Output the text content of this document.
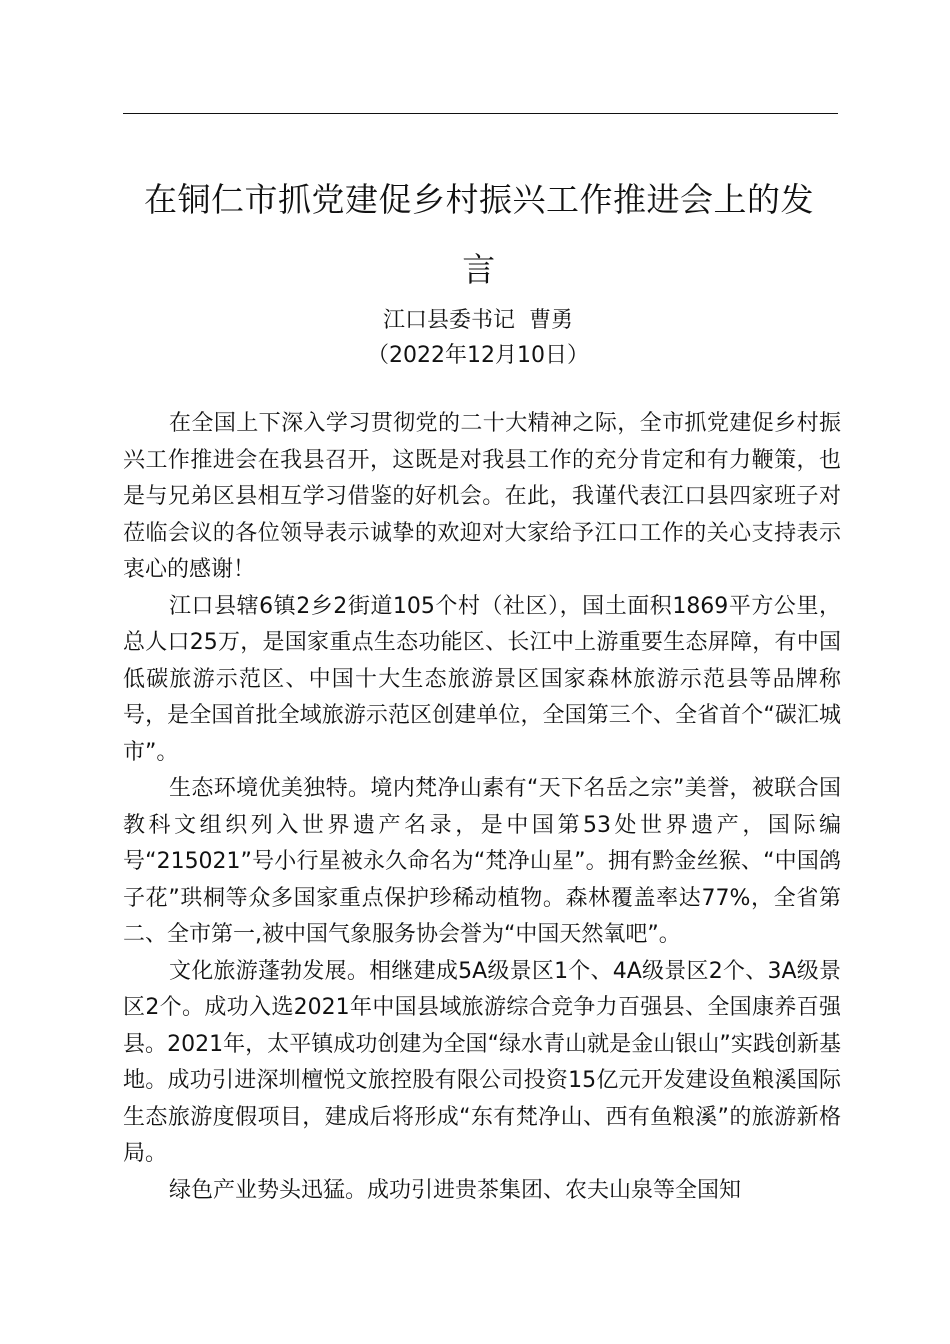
在铜仁市抓党建促乡村振兴工作推进会上的发
言
江口县委书记  曹勇
（2022年12月10日）

在全国上下深入学习贯彻党的二十大精神之际，全市抓党建促乡村振兴工作推进会在我县召开，这既是对我县工作的充分肯定和有力鞭策，也是与兄弟区县相互学习借鉴的好机会。在此，我谨代表江口县四家班子对莅临会议的各位领导表示诚挚的欢迎对大家给予江口工作的关心支持表示衷心的感谢！

江口县辖6镇2乡2街道105个村（社区），国土面积1869平方公里，总人口25万，是国家重点生态功能区、长江中上游重要生态屏障，有中国低碳旅游示范区、中国十大生态旅游景区国家森林旅游示范县等品牌称号，是全国首批全域旅游示范区创建单位，全国第三个、全省首个“碳汇城市”。

生态环境优美独特。境内梵净山素有“天下名岳之宗”美誉，被联合国教科文组织列入世界遗产名录，是中国第53处世界遗产，国际编号“215021”号小行星被永久命名为“梵净山星”。拥有黔金丝猴、“中国鸽子花”珙桐等众多国家重点保护珍稀动植物。森林覆盖率达77%，全省第二、全市第一,被中国气象服务协会誉为“中国天然氧吧”。

文化旅游蓬勃发展。相继建成5A级景区1个、4A级景区2个、3A级景区2个。成功入选2021年中国县域旅游综合竞争力百强县、全国康养百强县。2021年，太平镇成功创建为全国“绿水青山就是金山银山”实践创新基地。成功引进深圳檀悦文旅控股有限公司投资15亿元开发建设鱼粮溪国际生态旅游度假项目，建成后将形成“东有梵净山、西有鱼粮溪”的旅游新格局。

绿色产业势头迅猛。成功引进贵茶集团、农夫山泉等全国知
